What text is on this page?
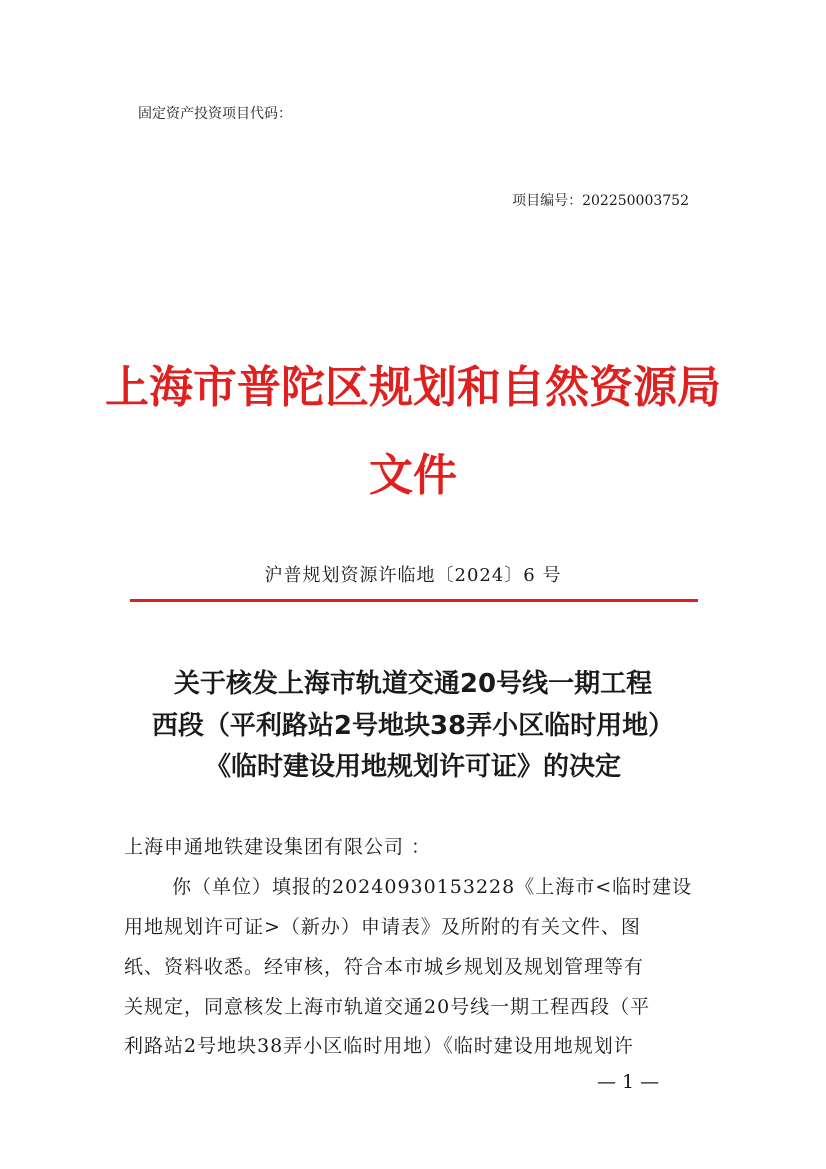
固定资产投资项目代码：
项目编号：202250003752
上海市普陀区规划和自然资源局
文件
沪普规划资源许临地〔2024〕6 号
关于核发上海市轨道交通20号线一期工程
西段（平利路站2号地块38弄小区临时用地）
《临时建设用地规划许可证》的决定
上海申通地铁建设集团有限公司 ：
你（单位）填报的20240930153228《上海市<临时建设
用地规划许可证>（新办）申请表》及所附的有关文件、图
纸、资料收悉。经审核，符合本市城乡规划及规划管理等有
关规定，同意核发上海市轨道交通20号线一期工程西段（平
利路站2号地块38弄小区临时用地）《临时建设用地规划许
— 1 —
